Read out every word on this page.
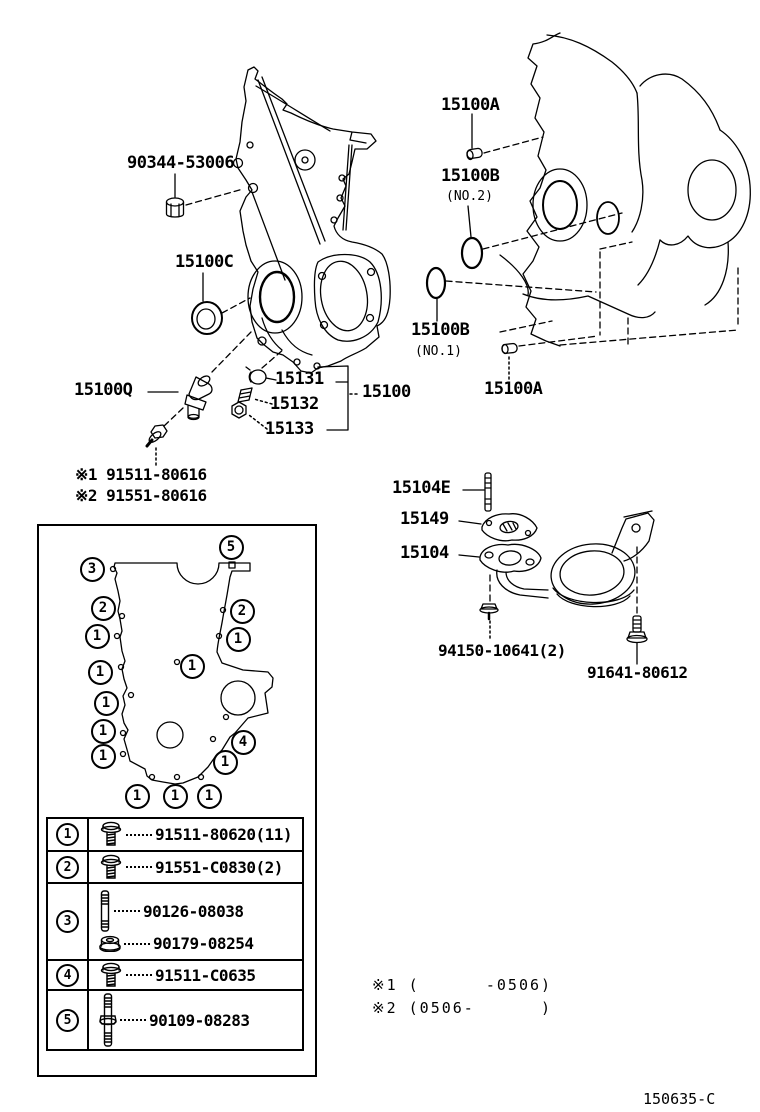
90344-53006
15100C
15100A
15100B
(NO.2)
15100B
(NO.1)
15100A
15100Q
15131
15132
15133
15100
※1 91511-80616
※2 91551-80616	15104E
15149
15104
94150-10641(2)
91641-80612
5
3
2	2
1	1
1
1
1
1
1
4
1
1	1	1
1	91511-80620(11)
2	91551-C0830(2)
3
90126-08038
90179-08254
4	91511-C0635
5	90109-08283
※1 (      -0506)
※2 (0506-      )
150635-C
